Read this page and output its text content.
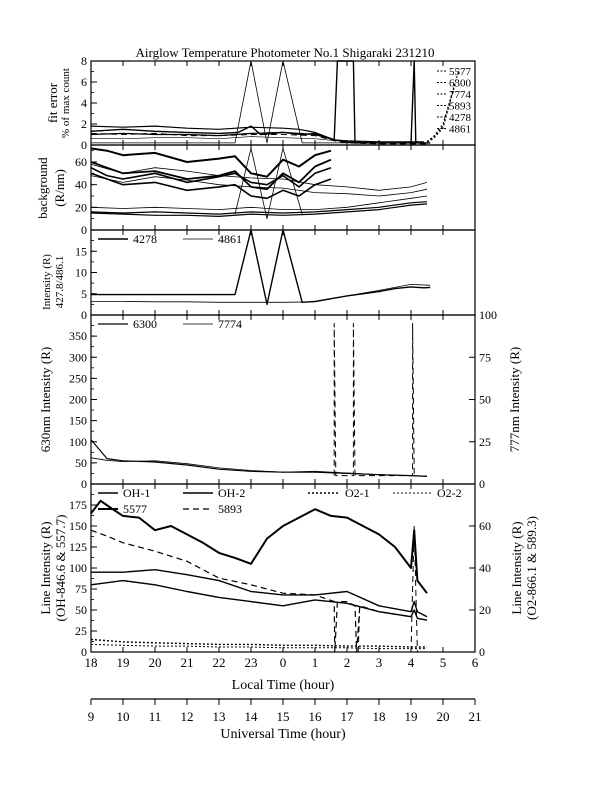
Airglow Temperature Photometer No.1 Shigaraki 231210
0
2
4
6
8
0
20
40
60
0
5
10
15
0
50
100
150
200
250
300
350
0
25
50
75
100
0
25
50
75
100
125
150
175
0
20
40
60
fit error % of max count
background (R/nm)
Intensity (R) 427.8/486.1
630nm Intensity (R)	777nm Intensity (R)
Line Intensity (R) (OH-846.6 & 557.7)	Line Intensity (R) (O2-866.1 & 589.3)
18 19 20 21 22 23 0 1 2 3 4 5 6
Local Time (hour)
9 10 11 12 13 14 15 16 17 18 19 20 21
Universal Time (hour)
5577
6300
7774
5893
4278
4861
4278	4861
6300	7774
OH-1	OH-2	O2-1	O2-2
5577	5893
